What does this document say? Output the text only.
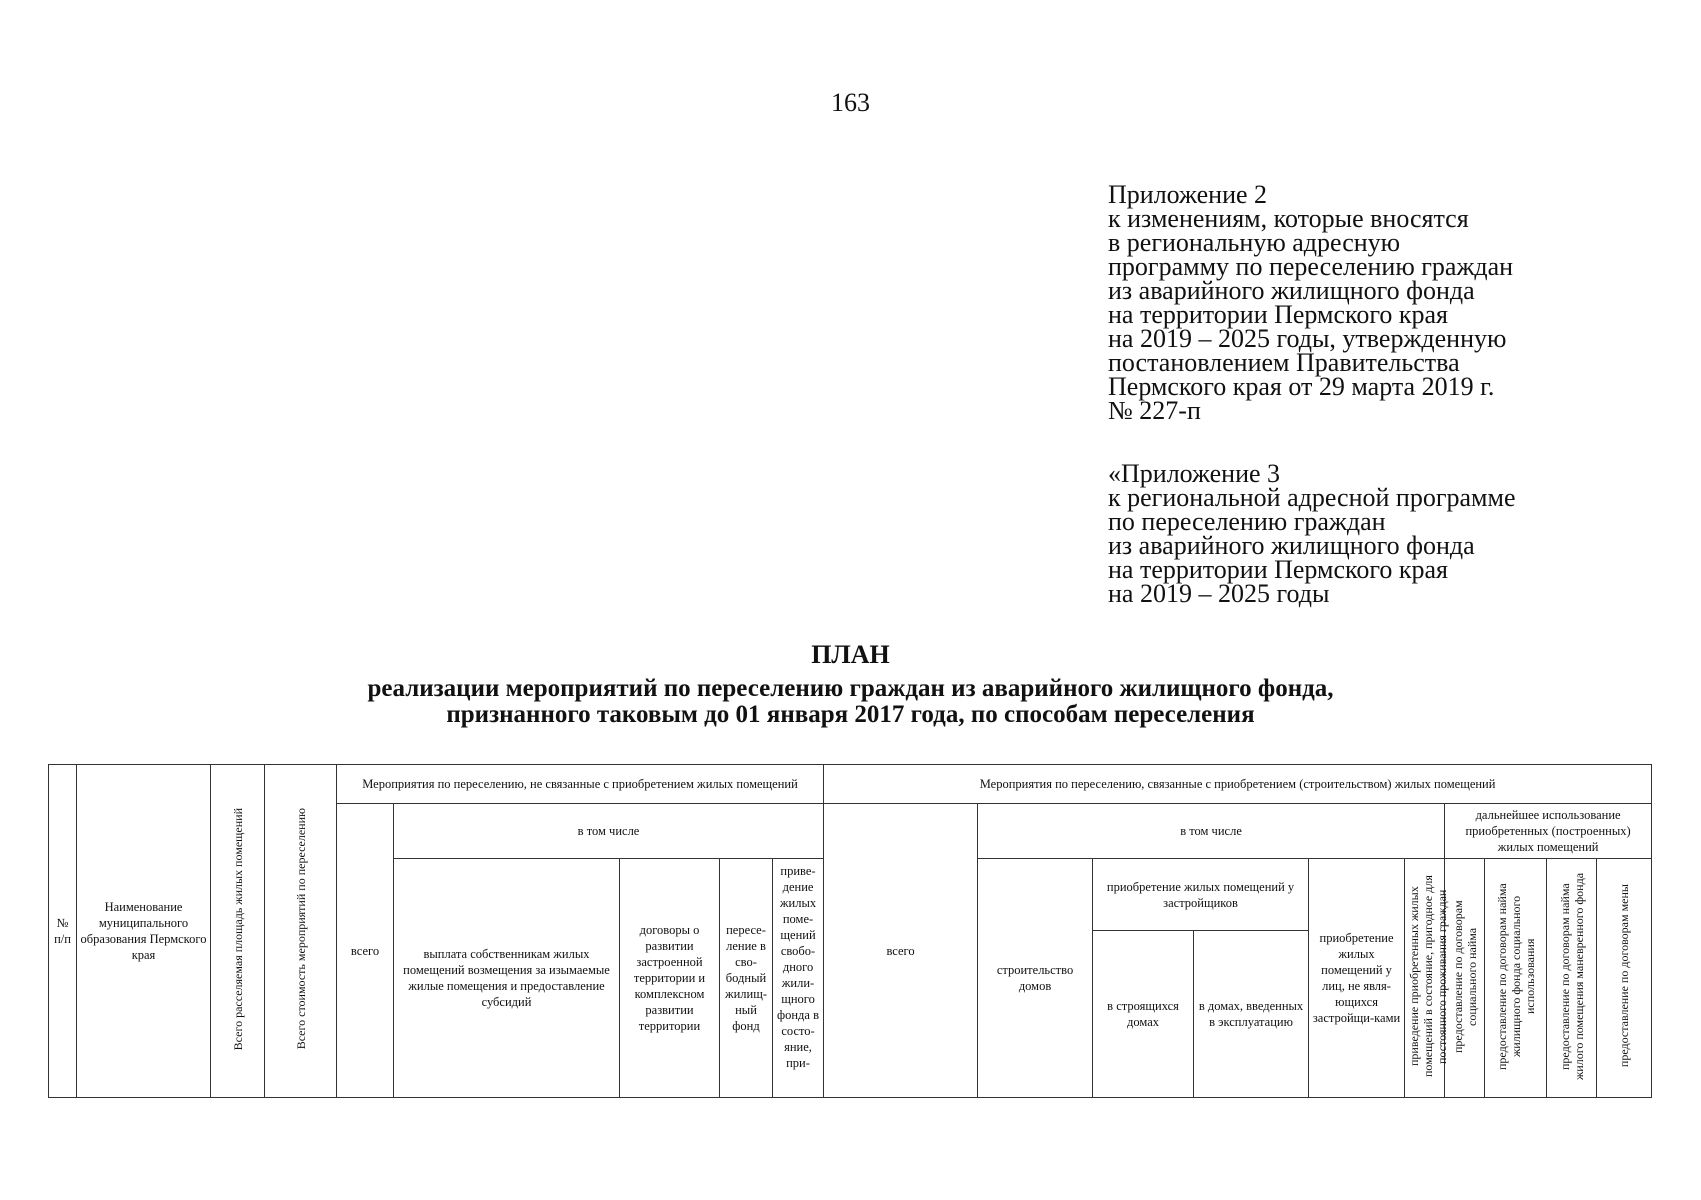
163
Приложение 2
к изменениям, которые вносятся
в региональную адресную
программу по переселению граждан
из аварийного жилищного фонда
на территории Пермского края
на 2019 – 2025 годы, утвержденную
постановлением Правительства
Пермского края от 29 марта 2019 г.
№ 227-п
«Приложение 3
к региональной адресной программе
по переселению граждан
из аварийного жилищного фонда
на территории Пермского края
на 2019 – 2025 годы
ПЛАН
реализации мероприятий по переселению граждан из аварийного жилищного фонда,
признанного таковым до 01 января 2017 года, по способам переселения
№ п/п	Наименование муниципального образования Пермского края	Всего расселяемая площадь жилых помещений	Всего стоимость мероприятий по переселению	Мероприятия по переселению, не связанные с приобретением жилых помещений					Мероприятия по переселению, связанные с приобретением (строительством) жилых помещений									
				всего	в том числе				всего	в том числе					дальнейшее использование приобретенных (построенных) жилых помещений			
					выплата собственникам жилых помещений возмещения за изымаемые жилые помещения и предоставление субсидий	договоры о развитии застроенной территории и комплексном развитии территории	пересе-ление в сво-бодный жилищ-ный фонд	приве-дение жилых поме-щений свобо-дного жили-щного фонда в состо-яние, при-		строительство домов	приобретение жилых помещений у застройщиков		приобретение жилых помещений у лиц, не явля-ющихся застройщи-ками	приведение приобретенных жилых помещений в состояние, пригодное для постоянного проживания граждан	предоставление по договорам социального найма	предоставление по договорам найма жилищного фонда социального использования	предоставление по договорам найма жилого помещения маневренного фонда	предоставление по договорам мены
											в строящихся домах	в домах, введенных в эксплуатацию						
